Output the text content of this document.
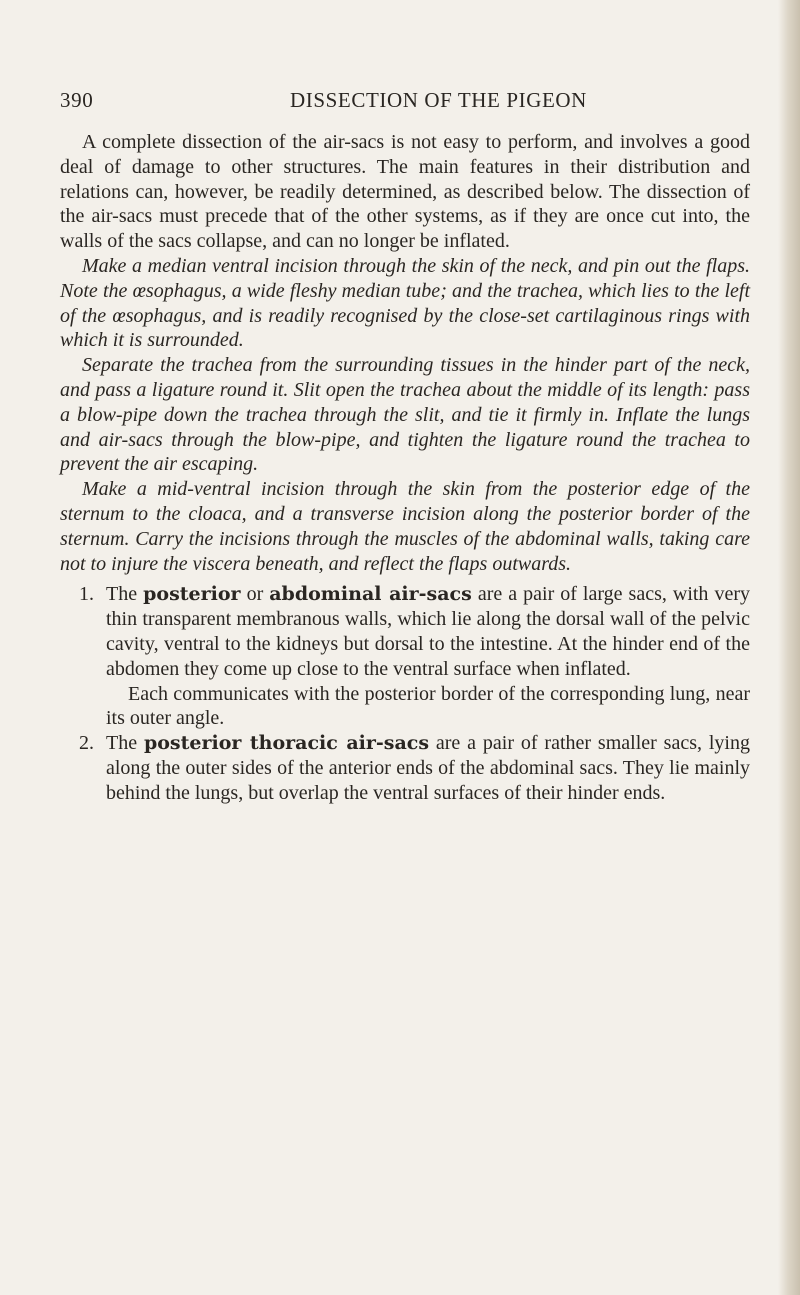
390	DISSECTION OF THE PIGEON

A complete dissection of the air-sacs is not easy to perform, and involves a good deal of damage to other structures. The main features in their distribution and relations can, however, be readily determined, as described below. The dissection of the air-sacs must precede that of the other systems, as if they are once cut into, the walls of the sacs collapse, and can no longer be inflated.

Make a median ventral incision through the skin of the neck, and pin out the flaps. Note the œsophagus, a wide fleshy median tube; and the trachea, which lies to the left of the œsophagus, and is readily recognised by the close-set cartilaginous rings with which it is surrounded.

Separate the trachea from the surrounding tissues in the hinder part of the neck, and pass a ligature round it. Slit open the trachea about the middle of its length: pass a blow-pipe down the trachea through the slit, and tie it firmly in. Inflate the lungs and air-sacs through the blow-pipe, and tighten the ligature round the trachea to prevent the air escaping.

Make a mid-ventral incision through the skin from the posterior edge of the sternum to the cloaca, and a transverse incision along the posterior border of the sternum. Carry the incisions through the muscles of the abdominal walls, taking care not to injure the viscera beneath, and reflect the flaps outwards.

1. The posterior or abdominal air-sacs are a pair of large sacs, with very thin transparent membranous walls, which lie along the dorsal wall of the pelvic cavity, ventral to the kidneys but dorsal to the intestine. At the hinder end of the abdomen they come up close to the ventral surface when inflated.

Each communicates with the posterior border of the corresponding lung, near its outer angle.

2. The posterior thoracic air-sacs are a pair of rather smaller sacs, lying along the outer sides of the anterior ends of the abdominal sacs. They lie mainly behind the lungs, but overlap the ventral surfaces of their hinder ends.
